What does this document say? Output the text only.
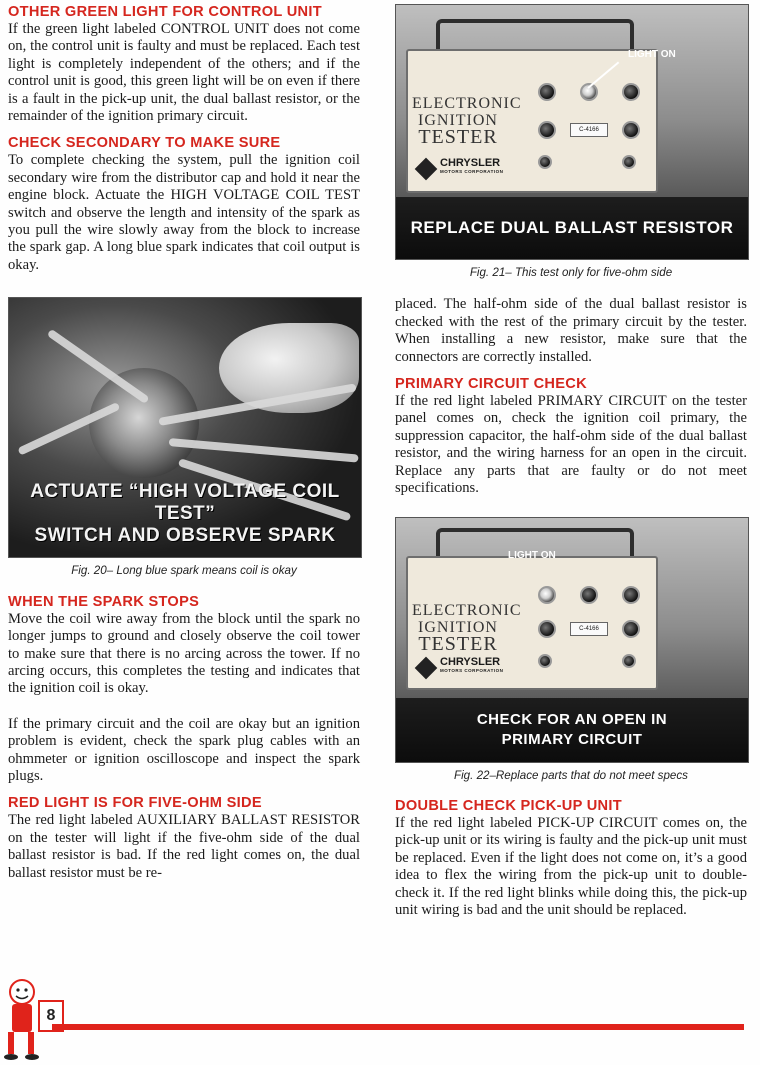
OTHER GREEN LIGHT FOR CONTROL UNIT

If the green light labeled CONTROL UNIT does not come on, the control unit is faulty and must be replaced. Each test light is completely independent of the others; and if the control unit is good, this green light will be on even if there is a fault in the pick-up unit, the dual ballast resistor, or the remainder of the ignition primary circuit.

CHECK SECONDARY TO MAKE SURE

To complete checking the system, pull the ignition coil secondary wire from the distributor cap and hold it near the engine block. Actuate the HIGH VOLTAGE COIL TEST switch and observe the length and intensity of the spark as you pull the wire slowly away from the block to increase the spark gap. A long blue spark indicates that coil output is okay.

ACTUATE “HIGH VOLTAGE COIL TEST”
SWITCH AND OBSERVE SPARK

Fig. 20– Long blue spark means coil is okay

WHEN THE SPARK STOPS

Move the coil wire away from the block until the spark no longer jumps to ground and closely observe the coil tower to make sure that there is no arcing across the tower. If no arcing occurs, this completes the testing and indicates that the ignition coil is okay.

If the primary circuit and the coil are okay but an ignition problem is evident, check the spark plug cables with an ohmmeter or ignition oscilloscope and inspect the spark plugs.

RED LIGHT IS FOR FIVE-OHM SIDE

The red light labeled AUXILIARY BALLAST RESISTOR on the tester will light if the five-ohm side of the dual ballast resistor is bad. If the red light comes on, the dual ballast resistor must be re-

ELECTRONIC
IGNITION
TESTER
CHRYSLER
MOTORS CORPORATION
C-4166
LIGHT ON
REPLACE DUAL BALLAST RESISTOR

Fig. 21– This test only for five-ohm side

placed. The half-ohm side of the dual ballast resistor is checked with the rest of the primary circuit by the tester. When installing a new resistor, make sure that the connectors are correctly installed.

PRIMARY CIRCUIT CHECK

If the red light labeled PRIMARY CIRCUIT on the tester panel comes on, check the ignition coil primary, the suppression capacitor, the half-ohm side of the dual ballast resistor, and the wiring harness for an open in the circuit. Replace any parts that are faulty or do not meet specifications.

ELECTRONIC
IGNITION
TESTER
CHRYSLER
MOTORS CORPORATION
C-4166
LIGHT ON
CHECK FOR AN OPEN IN
PRIMARY CIRCUIT

Fig. 22–Replace parts that do not meet specs

DOUBLE CHECK PICK-UP UNIT

If the red light labeled PICK-UP CIRCUIT comes on, the pick-up unit or its wiring is faulty and the pick-up unit must be replaced. Even if the light does not come on, it’s a good idea to flex the wiring from the pick-up unit to double-check it. If the red light blinks while doing this, the pick-up unit wiring is bad and the unit should be replaced.

8
